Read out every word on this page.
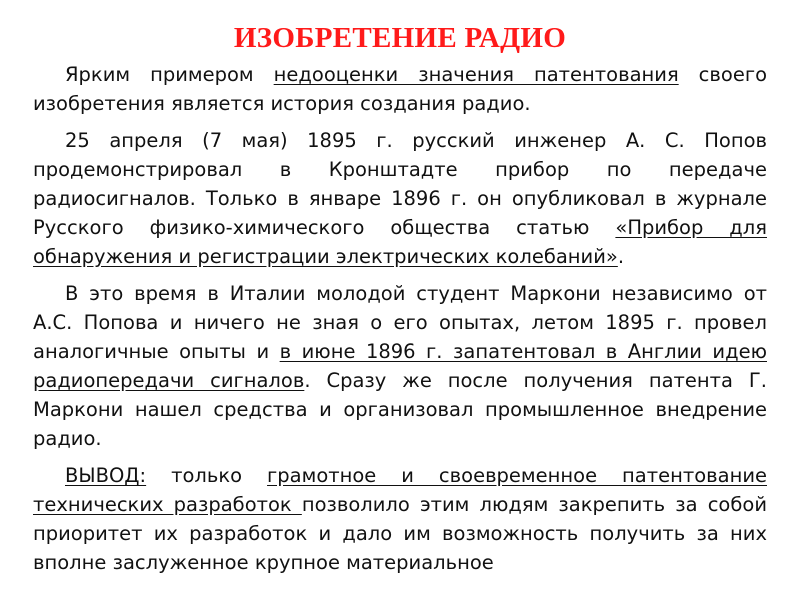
ИЗОБРЕТЕНИЕ РАДИО

Ярким примером недооценки значения патентования своего изобретения является история создания радио.

25 апреля (7 мая) 1895 г. русский инженер А. С. Попов продемонстрировал в Кронштадте прибор по передаче радиосигналов. Только в январе 1896 г. он опубликовал в журнале Русского физико-химического общества статью «Прибор для обнаружения и регистрации электрических колебаний».

В это время в Италии молодой студент Маркони независимо от А.С. Попова и ничего не зная о его опытах, летом 1895 г. провел аналогичные опыты и в июне 1896 г. запатентовал в Англии идею радиопередачи сигналов. Сразу же после получения патента Г. Маркони нашел средства и организовал промышленное внедрение радио.

ВЫВОД: только грамотное и своевременное патентование технических разработок позволило этим людям закрепить за собой приоритет их разработок и дало им возможность получить за них вполне заслуженное крупное материальное
